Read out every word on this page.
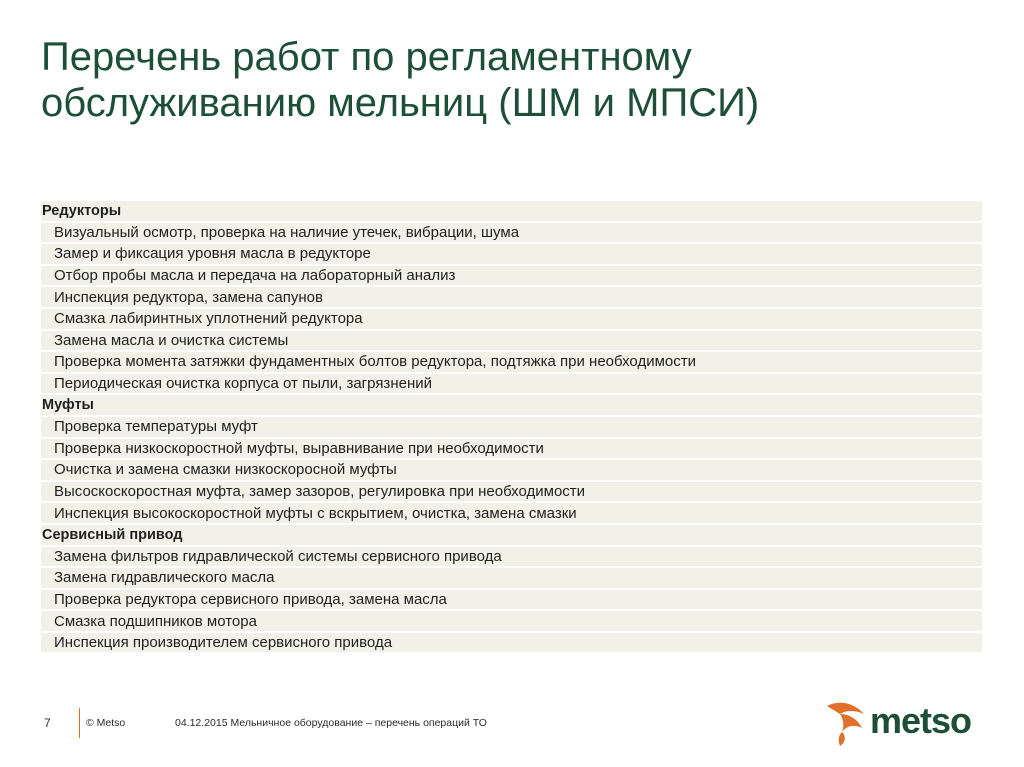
Перечень работ по регламентному
обслуживанию мельниц (ШМ и МПСИ)
Редукторы
Визуальный осмотр, проверка на наличие утечек, вибрации, шума
Замер и фиксация уровня масла в редукторе
Отбор пробы масла и передача на лабораторный анализ
Инспекция редуктора, замена сапунов
Смазка лабиринтных уплотнений редуктора
Замена масла и очистка системы
Проверка момента затяжки фундаментных болтов редуктора, подтяжка при необходимости
Периодическая очистка корпуса от пыли, загрязнений
Муфты
Проверка температуры муфт
Проверка низкоскоростной муфты, выравнивание при необходимости
Очистка и замена смазки низкоскоросной муфты
Высоскоскоростная муфта, замер зазоров, регулировка при необходимости
Инспекция высокоскоростной муфты с вскрытием, очистка, замена смазки
Сервисный привод
Замена фильтров гидравлической системы сервисного привода
Замена гидравлического масла
Проверка редуктора сервисного привода, замена масла
Смазка подшипников мотора
Инспекция производителем сервисного привода
7	© Metso	04.12.2015 Мельничное оборудование – перечень операций ТО	metso
